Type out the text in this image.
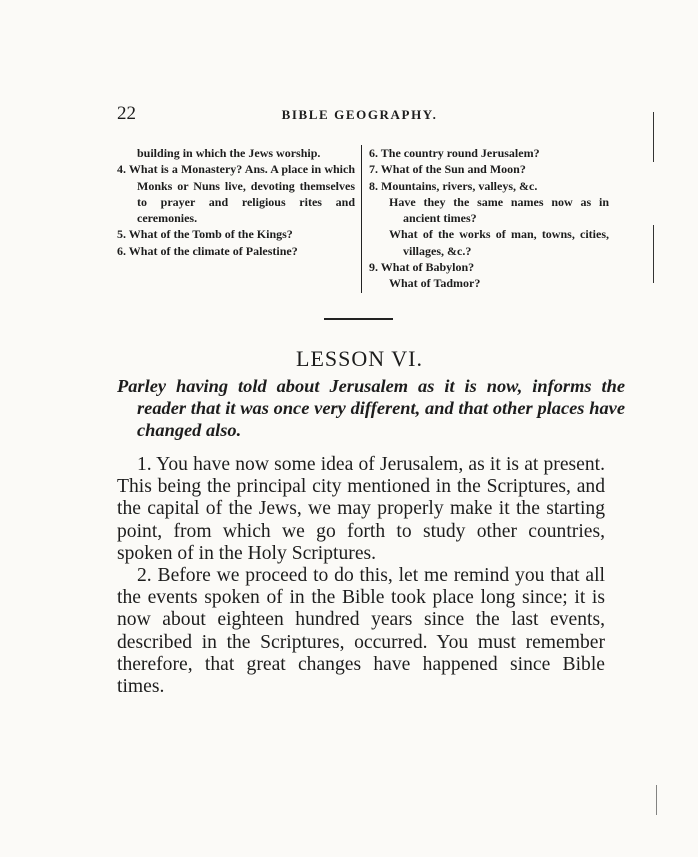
22	BIBLE GEOGRAPHY.

building in which the Jews worship.

4. What is a Monastery? Ans. A place in which Monks or Nuns live, devoting themselves to prayer and religious rites and ceremonies.

5. What of the Tomb of the Kings?

6. What of the climate of Palestine?

6. The country round Jerusalem?

7. What of the Sun and Moon?

8. Mountains, rivers, valleys, &c.

Have they the same names now as in ancient times?

What of the works of man, towns, cities, villages, &c.?

9. What of Babylon?

What of Tadmor?

LESSON VI.

Parley having told about Jerusalem as it is now, informs the reader that it was once very different, and that other places have changed also.

1. You have now some idea of Jerusalem, as it is at present. This being the principal city mentioned in the Scriptures, and the capital of the Jews, we may properly make it the starting point, from which we go forth to study other countries, spoken of in the Holy Scriptures.

2. Before we proceed to do this, let me remind you that all the events spoken of in the Bible took place long since; it is now about eighteen hundred years since the last events, described in the Scriptures, occurred. You must remember therefore, that great changes have happened since Bible times.
